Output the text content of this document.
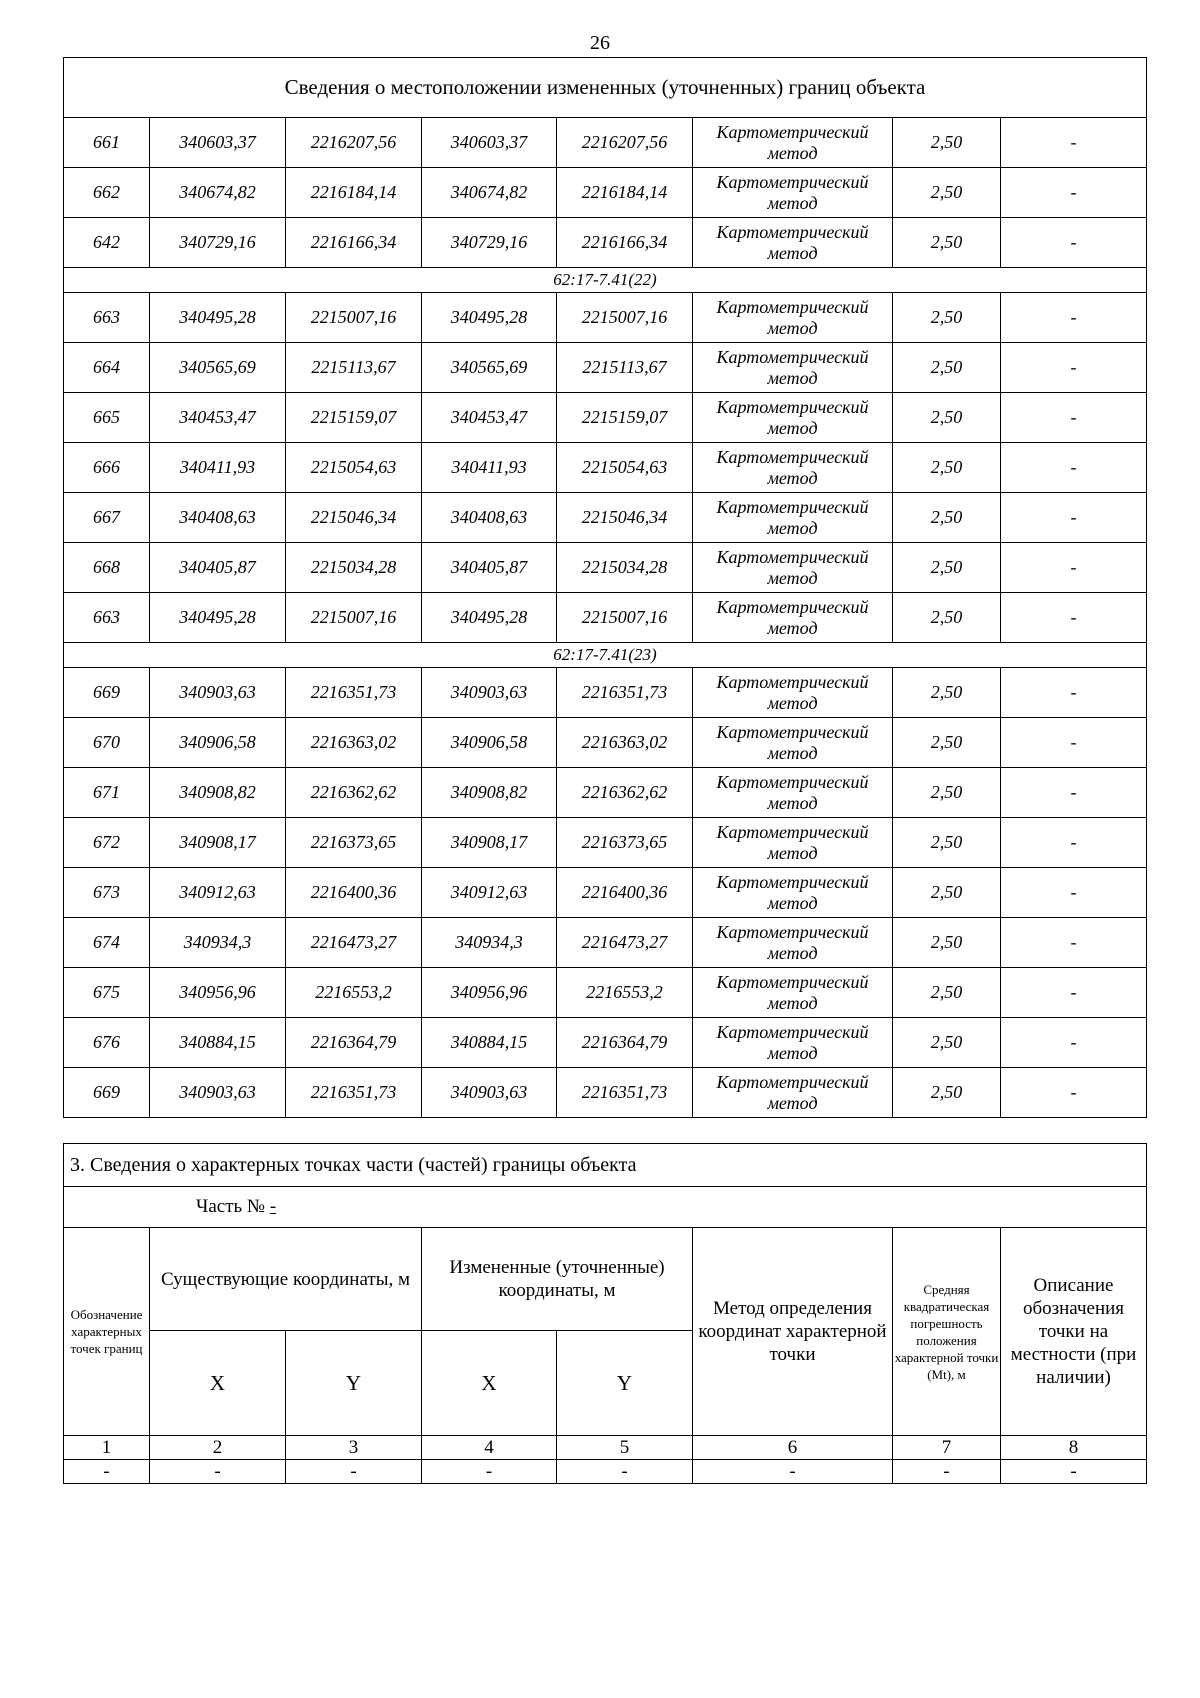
26
Сведения о местоположении измененных (уточненных) границ объекта							
661	340603,37	2216207,56	340603,37	2216207,56	Картометрический метод	2,50	-
662	340674,82	2216184,14	340674,82	2216184,14	Картометрический метод	2,50	-
642	340729,16	2216166,34	340729,16	2216166,34	Картометрический метод	2,50	-
62:17-7.41(22)							
663	340495,28	2215007,16	340495,28	2215007,16	Картометрический метод	2,50	-
664	340565,69	2215113,67	340565,69	2215113,67	Картометрический метод	2,50	-
665	340453,47	2215159,07	340453,47	2215159,07	Картометрический метод	2,50	-
666	340411,93	2215054,63	340411,93	2215054,63	Картометрический метод	2,50	-
667	340408,63	2215046,34	340408,63	2215046,34	Картометрический метод	2,50	-
668	340405,87	2215034,28	340405,87	2215034,28	Картометрический метод	2,50	-
663	340495,28	2215007,16	340495,28	2215007,16	Картометрический метод	2,50	-
62:17-7.41(23)							
669	340903,63	2216351,73	340903,63	2216351,73	Картометрический метод	2,50	-
670	340906,58	2216363,02	340906,58	2216363,02	Картометрический метод	2,50	-
671	340908,82	2216362,62	340908,82	2216362,62	Картометрический метод	2,50	-
672	340908,17	2216373,65	340908,17	2216373,65	Картометрический метод	2,50	-
673	340912,63	2216400,36	340912,63	2216400,36	Картометрический метод	2,50	-
674	340934,3	2216473,27	340934,3	2216473,27	Картометрический метод	2,50	-
675	340956,96	2216553,2	340956,96	2216553,2	Картометрический метод	2,50	-
676	340884,15	2216364,79	340884,15	2216364,79	Картометрический метод	2,50	-
669	340903,63	2216351,73	340903,63	2216351,73	Картометрический метод	2,50	-
3. Сведения о характерных точках части (частей) границы объекта							
Часть № -							
Обозначение характерных точек границ	Существующие координаты, м		Измененные (уточненные) координаты, м		Метод определения координат характерной точки	Средняя квадратическая погрешность положения характерной точки (Mt), м	Описание обозначения точки на местности (при наличии)
	X	Y	X	Y			
1	2	3	4	5	6	7	8
-	-	-	-	-	-	-	-
